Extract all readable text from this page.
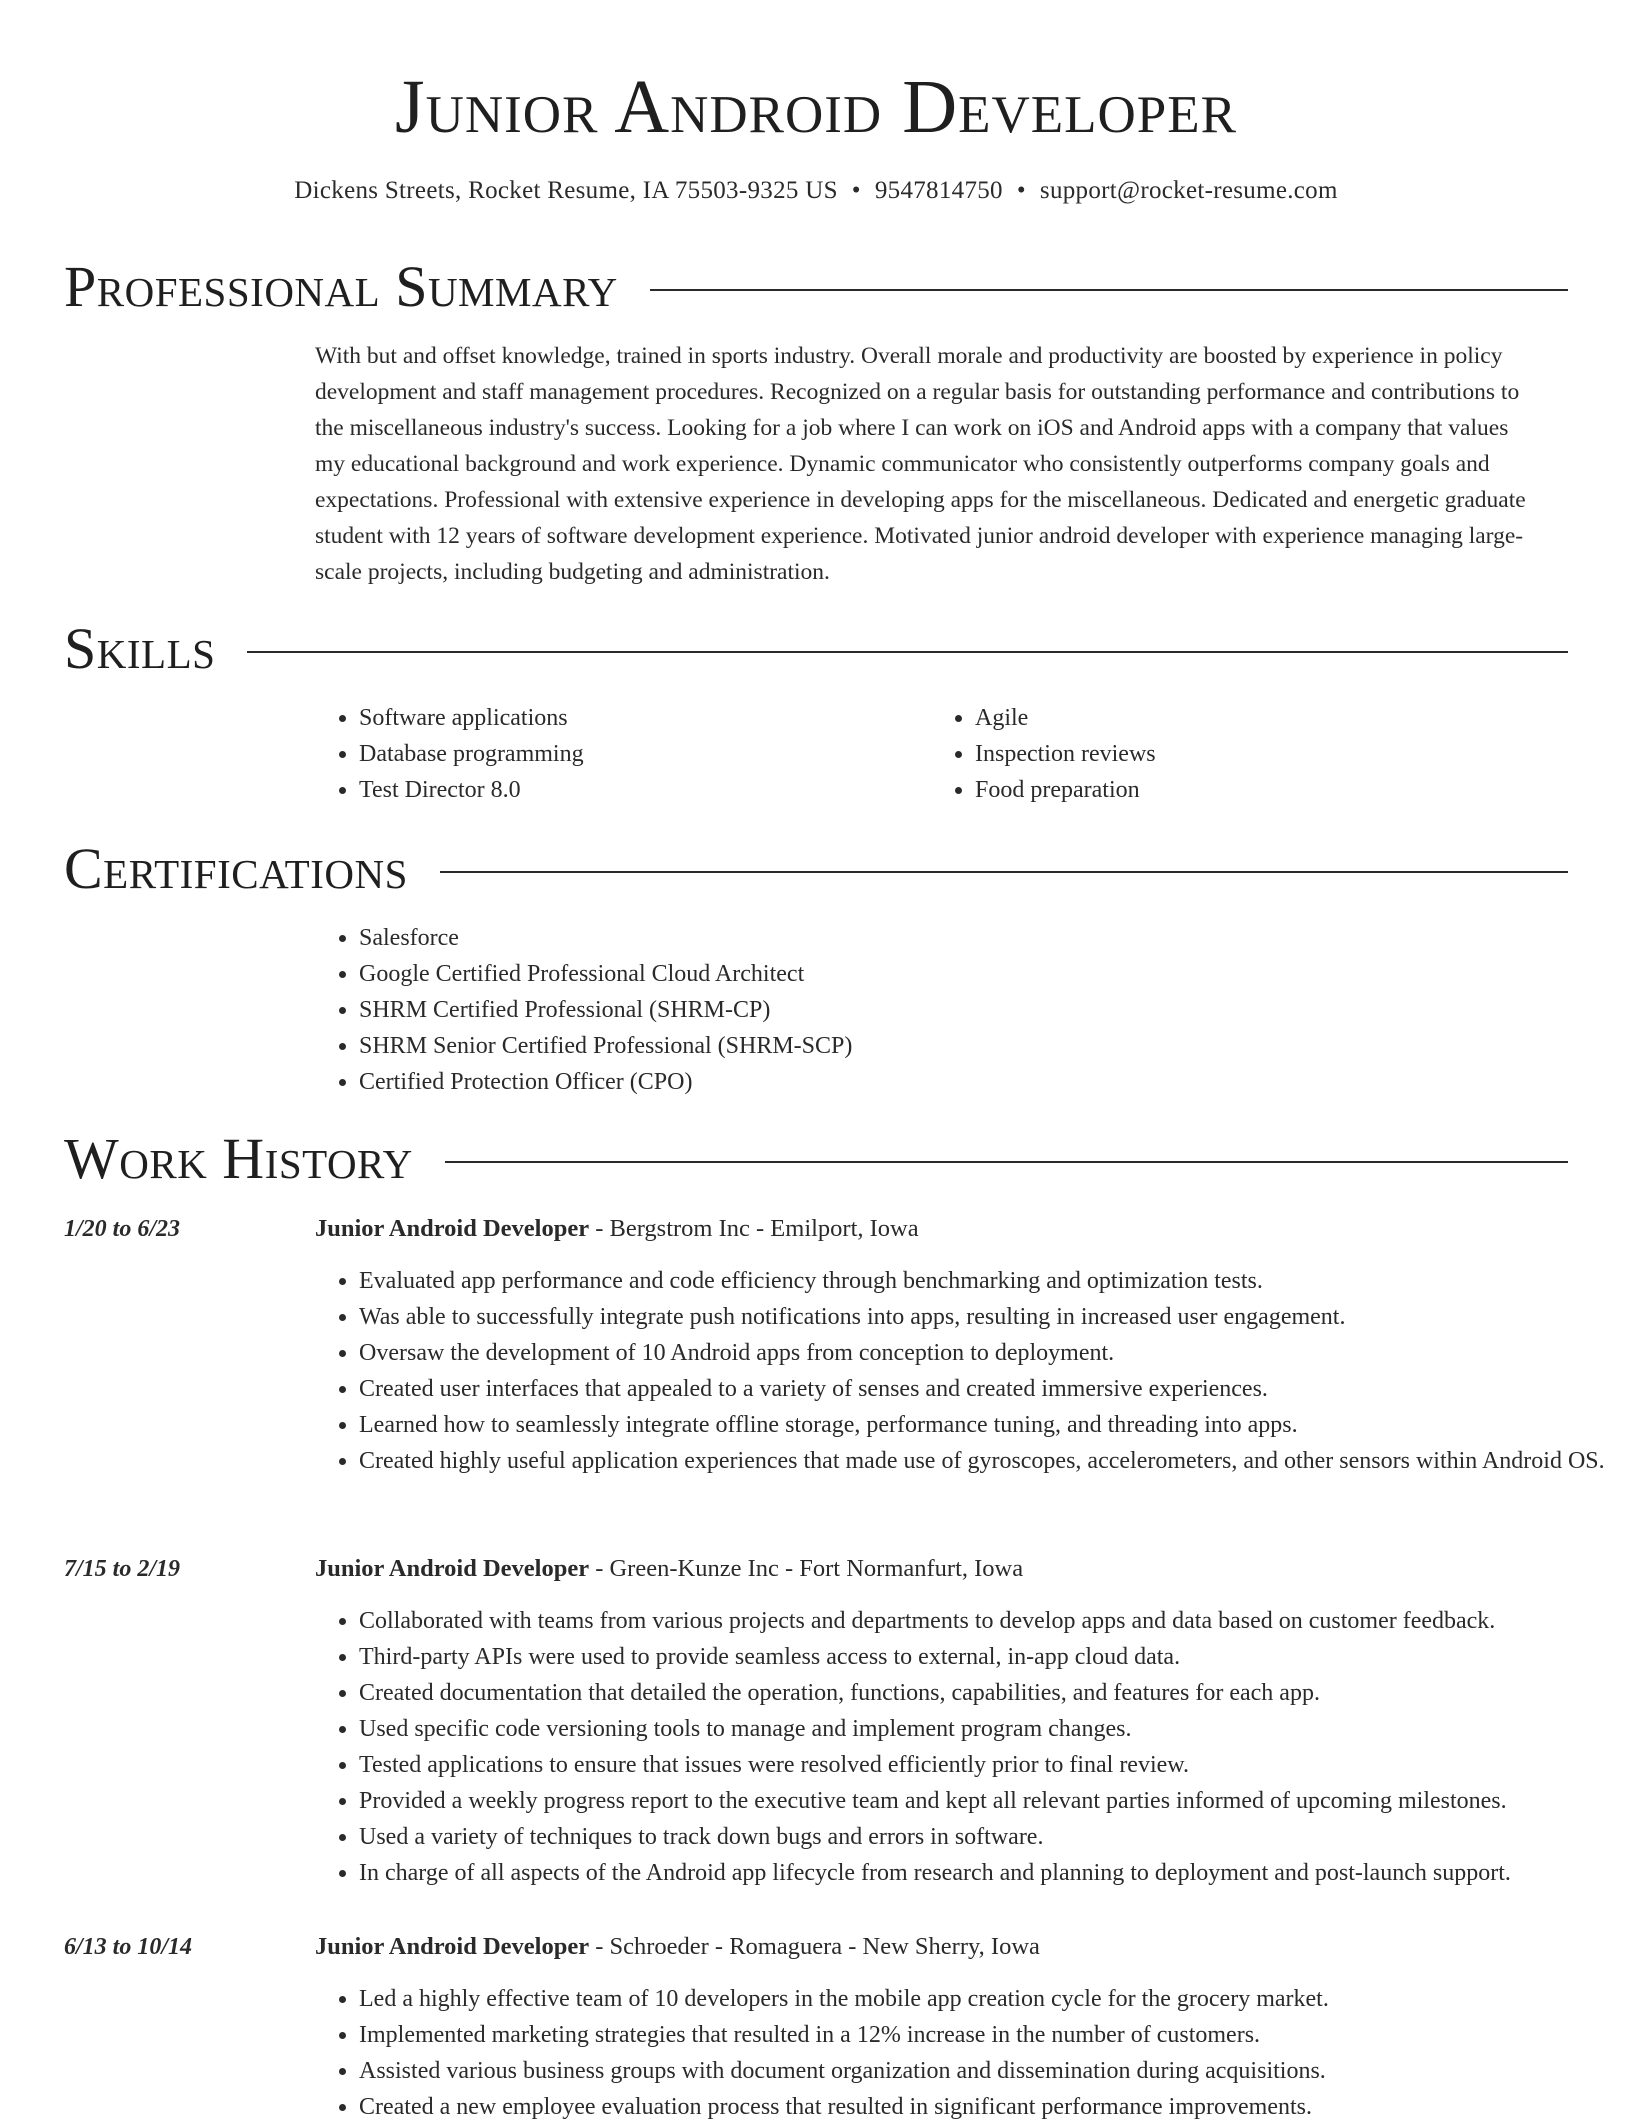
Junior Android Developer
Dickens Streets, Rocket Resume, IA 75503-9325 US • 9547814750 • support@rocket-resume.com
Professional Summary

With but and offset knowledge, trained in sports industry. Overall morale and productivity are boosted by experience in policy development and staff management procedures. Recognized on a regular basis for outstanding performance and contributions to the miscellaneous industry's success. Looking for a job where I can work on iOS and Android apps with a company that values my educational background and work experience. Dynamic communicator who consistently outperforms company goals and expectations. Professional with extensive experience in developing apps for the miscellaneous. Dedicated and energetic graduate student with 12 years of software development experience. Motivated junior android developer with experience managing large-scale projects, including budgeting and administration.

Skills
• Software applications
• Database programming
• Test Director 8.0
• Agile
• Inspection reviews
• Food preparation
Certifications
• Salesforce
• Google Certified Professional Cloud Architect
• SHRM Certified Professional (SHRM-CP)
• SHRM Senior Certified Professional (SHRM-SCP)
• Certified Protection Officer (CPO)
Work History
1/20 to 6/23	Junior Android Developer - Bergstrom Inc - Emilport, Iowa
• Evaluated app performance and code efficiency through benchmarking and optimization tests.
• Was able to successfully integrate push notifications into apps, resulting in increased user engagement.
• Oversaw the development of 10 Android apps from conception to deployment.
• Created user interfaces that appealed to a variety of senses and created immersive experiences.
• Learned how to seamlessly integrate offline storage, performance tuning, and threading into apps.
• Created highly useful application experiences that made use of gyroscopes, accelerometers, and other sensors within Android OS.
7/15 to 2/19	Junior Android Developer - Green-Kunze Inc - Fort Normanfurt, Iowa
• Collaborated with teams from various projects and departments to develop apps and data based on customer feedback.
• Third-party APIs were used to provide seamless access to external, in-app cloud data.
• Created documentation that detailed the operation, functions, capabilities, and features for each app.
• Used specific code versioning tools to manage and implement program changes.
• Tested applications to ensure that issues were resolved efficiently prior to final review.
• Provided a weekly progress report to the executive team and kept all relevant parties informed of upcoming milestones.
• Used a variety of techniques to track down bugs and errors in software.
• In charge of all aspects of the Android app lifecycle from research and planning to deployment and post-launch support.
6/13 to 10/14	Junior Android Developer - Schroeder - Romaguera - New Sherry, Iowa
• Led a highly effective team of 10 developers in the mobile app creation cycle for the grocery market.
• Implemented marketing strategies that resulted in a 12% increase in the number of customers.
• Assisted various business groups with document organization and dissemination during acquisitions.
• Created a new employee evaluation process that resulted in significant performance improvements.
